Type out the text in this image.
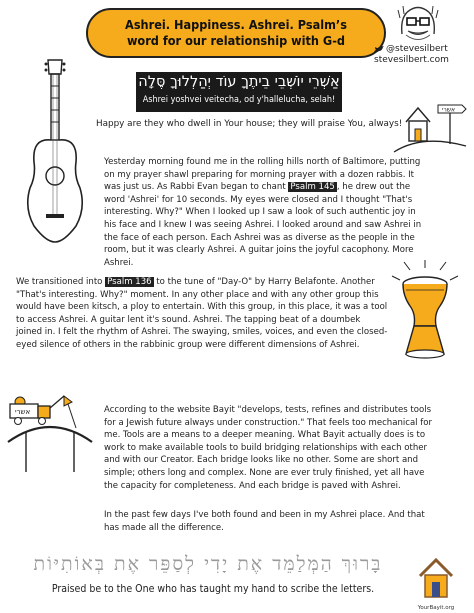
Ashrei. Happiness. Ashrei. Psalm’s
word for our relationship with G-d
@stevesilbert
stevesilbert.com
אַשְׁרֵי יוֹשְׁבֵי בֵיתֶךָ עוֹד יְהַלְלוּךָ סֶּלָה
Ashrei yoshvei veitecha, od y'hallelucha, selah!
Happy are they who dwell in Your house; they will praise You, always!
אשרי

Yesterday morning found me in the rolling hills north of Baltimore, putting on my prayer shawl preparing for morning prayer with a dozen rabbis. It was just us. As Rabbi Evan began to chant Psalm 145 , he drew out the word 'Ashrei' for 10 seconds. My eyes were closed and I thought "That's interesting. Why?" When I looked up I saw a look of such authentic joy in his face and I knew I was seeing Ashrei. I looked around and saw Ashrei in the face of each person. Each Ashrei was as diverse as the people in the room, but it was clearly Ashrei. A guitar joins the joyful cacophony. More Ashrei.

We transitioned into Psalm 136 to the tune of "Day-O" by Harry Belafonte. Another "That's interesting. Why?" moment. In any other place and with any other group this would have been kitsch, a ploy to entertain. With this group, in this place, it was a tool to access Ashrei. A guitar lent it's sound. Ashrei. The tapping beat of a doumbek joined in. I felt the rhythm of Ashrei. The swaying, smiles, voices, and even the closed-eyed silence of others in the rabbinic group were different dimensions of Ashrei.

אשרי	According to the website Bayit "develops, tests, refines and distributes tools for a Jewish future always under construction." That feels too mechanical for me. Tools are a means to a deeper meaning. What Bayit actually does is to work to make available tools to build bridging relationships with each other and with our Creator. Each bridge looks like no other. Some are short and simple; others long and complex. None are ever truly finished, yet all have the capacity for completeness. And each bridge is paved with Ashrei.

In the past few days I've both found and been in my Ashrei place. And that has made all the difference.

בָּרוּךְ הַמְּלַמֵּד אֶת יָדִי לְסַפֵּר אֶת בְּאוֹתִיּוֹת
Praised be to the One who has taught my hand to scribe the letters.
YourBayit.org
